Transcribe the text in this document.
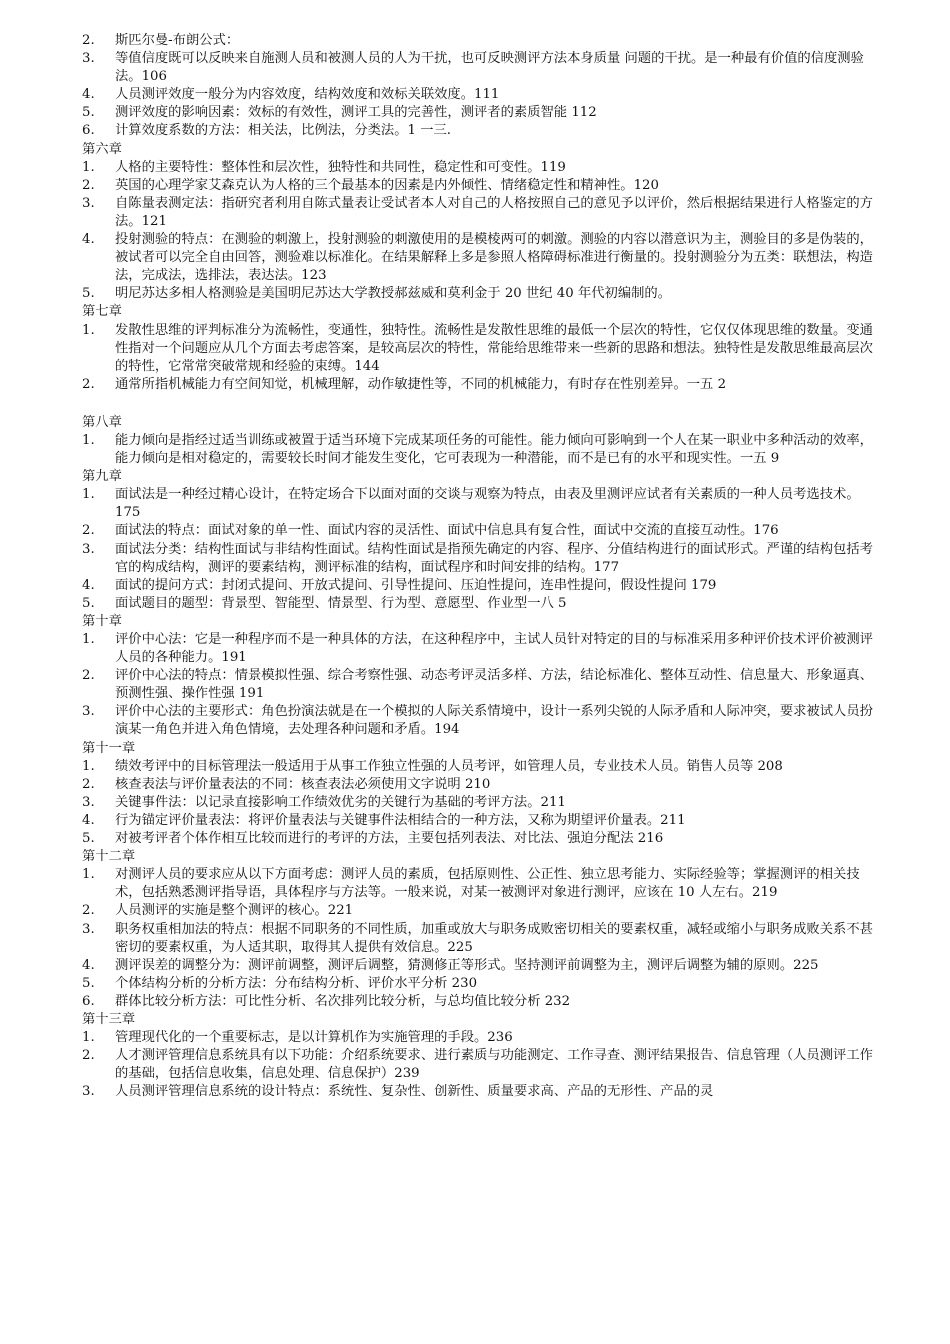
2. 斯匹尔曼-布朗公式：
3. 等值信度既可以反映来自施测人员和被测人员的人为干扰，也可反映测评方法本身质量 问题的干扰。是一种最有价值的信度测验法。106
4. 人员测评效度一般分为内容效度，结构效度和效标关联效度。111
5. 测评效度的影响因素：效标的有效性，测评工具的完善性，测评者的素质智能 112
6. 计算效度系数的方法：相关法，比例法，分类法。1 一三.
第六章
1. 人格的主要特性：整体性和层次性，独特性和共同性，稳定性和可变性。119
2. 英国的心理学家艾森克认为人格的三个最基本的因素是内外倾性、情绪稳定性和精神性。120
3. 自陈量表测定法：指研究者利用自陈式量表让受试者本人对自己的人格按照自己的意见予以评价，然后根据结果进行人格鉴定的方法。121
4. 投射测验的特点：在测验的刺激上，投射测验的刺激使用的是模棱两可的刺激。测验的内容以潜意识为主，测验目的多是伪装的，被试者可以完全自由回答，测验难以标准化。在结果解释上多是参照人格障碍标准进行衡量的。投射测验分为五类：联想法，构造法，完成法，选排法，表达法。123
5. 明尼苏达多相人格测验是美国明尼苏达大学教授郝兹威和莫利金于 20 世纪 40 年代初编制的。
第七章
1. 发散性思维的评判标准分为流畅性，变通性，独特性。流畅性是发散性思维的最低一个层次的特性，它仅仅体现思维的数量。变通性指对一个问题应从几个方面去考虑答案，是较高层次的特性，常能给思维带来一些新的思路和想法。独特性是发散思维最高层次的特性，它常常突破常规和经验的束缚。144
2. 通常所指机械能力有空间知觉，机械理解，动作敏捷性等，不同的机械能力，有时存在性别差异。一五 2
第八章
1. 能力倾向是指经过适当训练或被置于适当环境下完成某项任务的可能性。能力倾向可影响到一个人在某一职业中多种活动的效率，能力倾向是相对稳定的，需要较长时间才能发生变化，它可表现为一种潜能，而不是已有的水平和现实性。一五 9
第九章
1. 面试法是一种经过精心设计，在特定场合下以面对面的交谈与观察为特点，由表及里测评应试者有关素质的一种人员考选技术。175
2. 面试法的特点：面试对象的单一性、面试内容的灵活性、面试中信息具有复合性，面试中交流的直接互动性。176
3. 面试法分类：结构性面试与非结构性面试。结构性面试是指预先确定的内容、程序、分值结构进行的面试形式。严谨的结构包括考官的构成结构，测评的要素结构，测评标准的结构，面试程序和时间安排的结构。177
4. 面试的提问方式：封闭式提问、开放式提问、引导性提问、压迫性提问，连串性提问，假设性提问 179
5. 面试题目的题型：背景型、智能型、情景型、行为型、意愿型、作业型一八 5
第十章
1. 评价中心法：它是一种程序而不是一种具体的方法，在这种程序中，主试人员针对特定的目的与标准采用多种评价技术评价被测评人员的各种能力。191
2. 评价中心法的特点：情景模拟性强、综合考察性强、动态考评灵活多样、方法，结论标准化、整体互动性、信息量大、形象逼真、预测性强、操作性强 191
3. 评价中心法的主要形式：角色扮演法就是在一个模拟的人际关系情境中，设计一系列尖锐的人际矛盾和人际冲突，要求被试人员扮演某一角色并进入角色情境，去处理各种问题和矛盾。194
第十一章
1. 绩效考评中的目标管理法一般适用于从事工作独立性强的人员考评，如管理人员，专业技术人员。销售人员等 208
2. 核查表法与评价量表法的不同：核查表法必须使用文字说明 210
3. 关键事件法：以记录直接影响工作绩效优劣的关键行为基础的考评方法。211
4. 行为锚定评价量表法：将评价量表法与关键事件法相结合的一种方法，又称为期望评价量表。211
5. 对被考评者个体作相互比较而进行的考评的方法，主要包括列表法、对比法、强迫分配法 216
第十二章
1. 对测评人员的要求应从以下方面考虑：测评人员的素质，包括原则性、公正性、独立思考能力、实际经验等；掌握测评的相关技术，包括熟悉测评指导语，具体程序与方法等。一般来说，对某一被测评对象进行测评，应该在 10 人左右。219
2. 人员测评的实施是整个测评的核心。221
3. 职务权重相加法的特点：根据不同职务的不同性质，加重或放大与职务成败密切相关的要素权重，减轻或缩小与职务成败关系不甚密切的要素权重，为人适其职，取得其人提供有效信息。225
4. 测评误差的调整分为：测评前调整，测评后调整，猜测修正等形式。坚持测评前调整为主，测评后调整为辅的原则。225
5. 个体结构分析的分析方法：分布结构分析、评价水平分析 230
6. 群体比较分析方法：可比性分析、名次排列比较分析，与总均值比较分析 232
第十三章
1. 管理现代化的一个重要标志，是以计算机作为实施管理的手段。236
2. 人才测评管理信息系统具有以下功能：介绍系统要求、进行素质与功能测定、工作寻查、测评结果报告、信息管理（人员测评工作的基础，包括信息收集，信息处理、信息保护）239
3. 人员测评管理信息系统的设计特点：系统性、复杂性、创新性、质量要求高、产品的无形性、产品的灵
